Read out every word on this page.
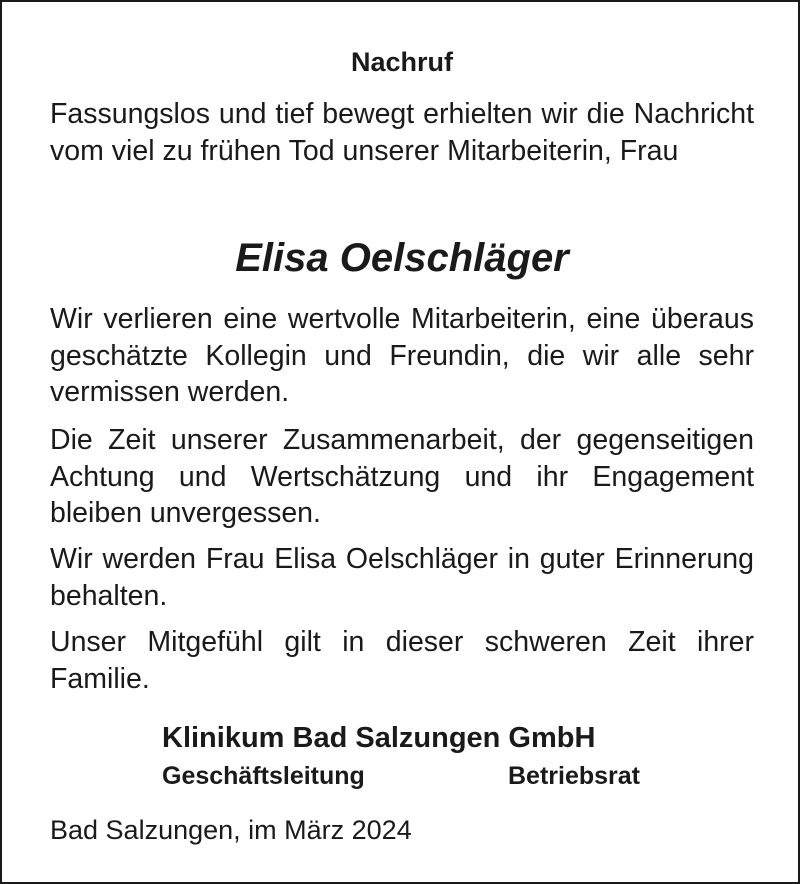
Nachruf

Fassungslos und tief bewegt erhielten wir die Nachricht vom viel zu frühen Tod unserer Mitarbeiterin, Frau

Elisa Oelschläger

Wir verlieren eine wertvolle Mitarbeiterin, eine überaus geschätzte Kollegin und Freundin, die wir alle sehr vermissen werden.

Die Zeit unserer Zusammenarbeit, der gegenseitigen Achtung und Wertschätzung und ihr Engagement bleiben unvergessen.

Wir werden Frau Elisa Oelschläger in guter Erinnerung behalten.

Unser Mitgefühl gilt in dieser schweren Zeit ihrer Familie.

Klinikum Bad Salzungen GmbH
Geschäftsleitung	Betriebsrat
Bad Salzungen, im März 2024
